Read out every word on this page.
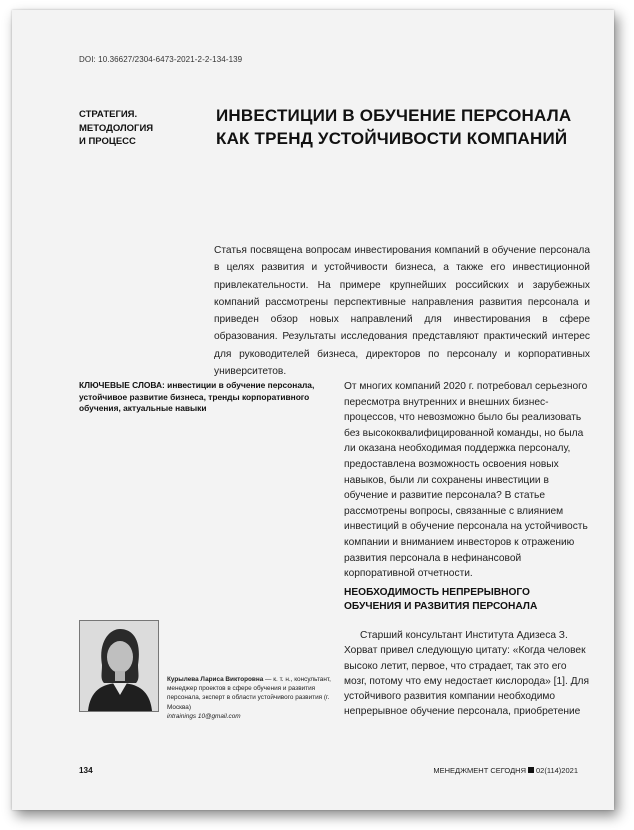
DOI: 10.36627/2304-6473-2021-2-2-134-139
СТРАТЕГИЯ.
МЕТОДОЛОГИЯ
И ПРОЦЕСС
ИНВЕСТИЦИИ В ОБУЧЕНИЕ ПЕРСОНАЛА
КАК ТРЕНД УСТОЙЧИВОСТИ КОМПАНИЙ

Статья посвящена вопросам инвестирования компаний в обучение персонала в целях развития и устойчивости бизнеса, а также его инвестиционной привлекательности. На примере крупнейших российских и зарубежных компаний рассмотрены перспективные направления развития персонала и приведен обзор новых направлений для инвестирования в сфере образования. Результаты исследования представляют практический интерес для руководителей бизнеса, директоров по персоналу и корпоративных университетов.

КЛЮЧЕВЫЕ СЛОВА: инвестиции в обучение персонала, устойчивое развитие бизнеса, тренды корпоративного обучения, актуальные навыки

От многих компаний 2020 г. потребовал серьезного пересмотра внутренних и внешних бизнес-процессов, что невозможно было бы реализовать без высококвалифицированной команды, но была ли оказана необходимая поддержка персоналу, предоставлена возможность освоения новых навыков, были ли сохранены инвестиции в обучение и развитие персонала? В статье рассмотрены вопросы, связанные с влиянием инвестиций в обучение персонала на устойчивость компании и вниманием инвесторов к отражению развития персонала в нефинансовой корпоративной отчетности.

НЕОБХОДИМОСТЬ НЕПРЕРЫВНОГО ОБУЧЕНИЯ И РАЗВИТИЯ ПЕРСОНАЛА

Старший консультант Института Адизеса З. Хорват привел следующую цитату: «Когда человек высоко летит, первое, что страдает, так это его мозг, потому что ему недостает кислорода» [1]. Для устойчивого развития компании необходимо непрерывное обучение персонала, приобретение

Курылева Лариса Викторовна — к. т. н., консультант, менеджер проектов в сфере обучения и развития персонала, эксперт в области устойчивого развития (г. Москва)
intrainings 10@gmail.com
134	МЕНЕДЖМЕНТ СЕГОДНЯ 02(114)2021
